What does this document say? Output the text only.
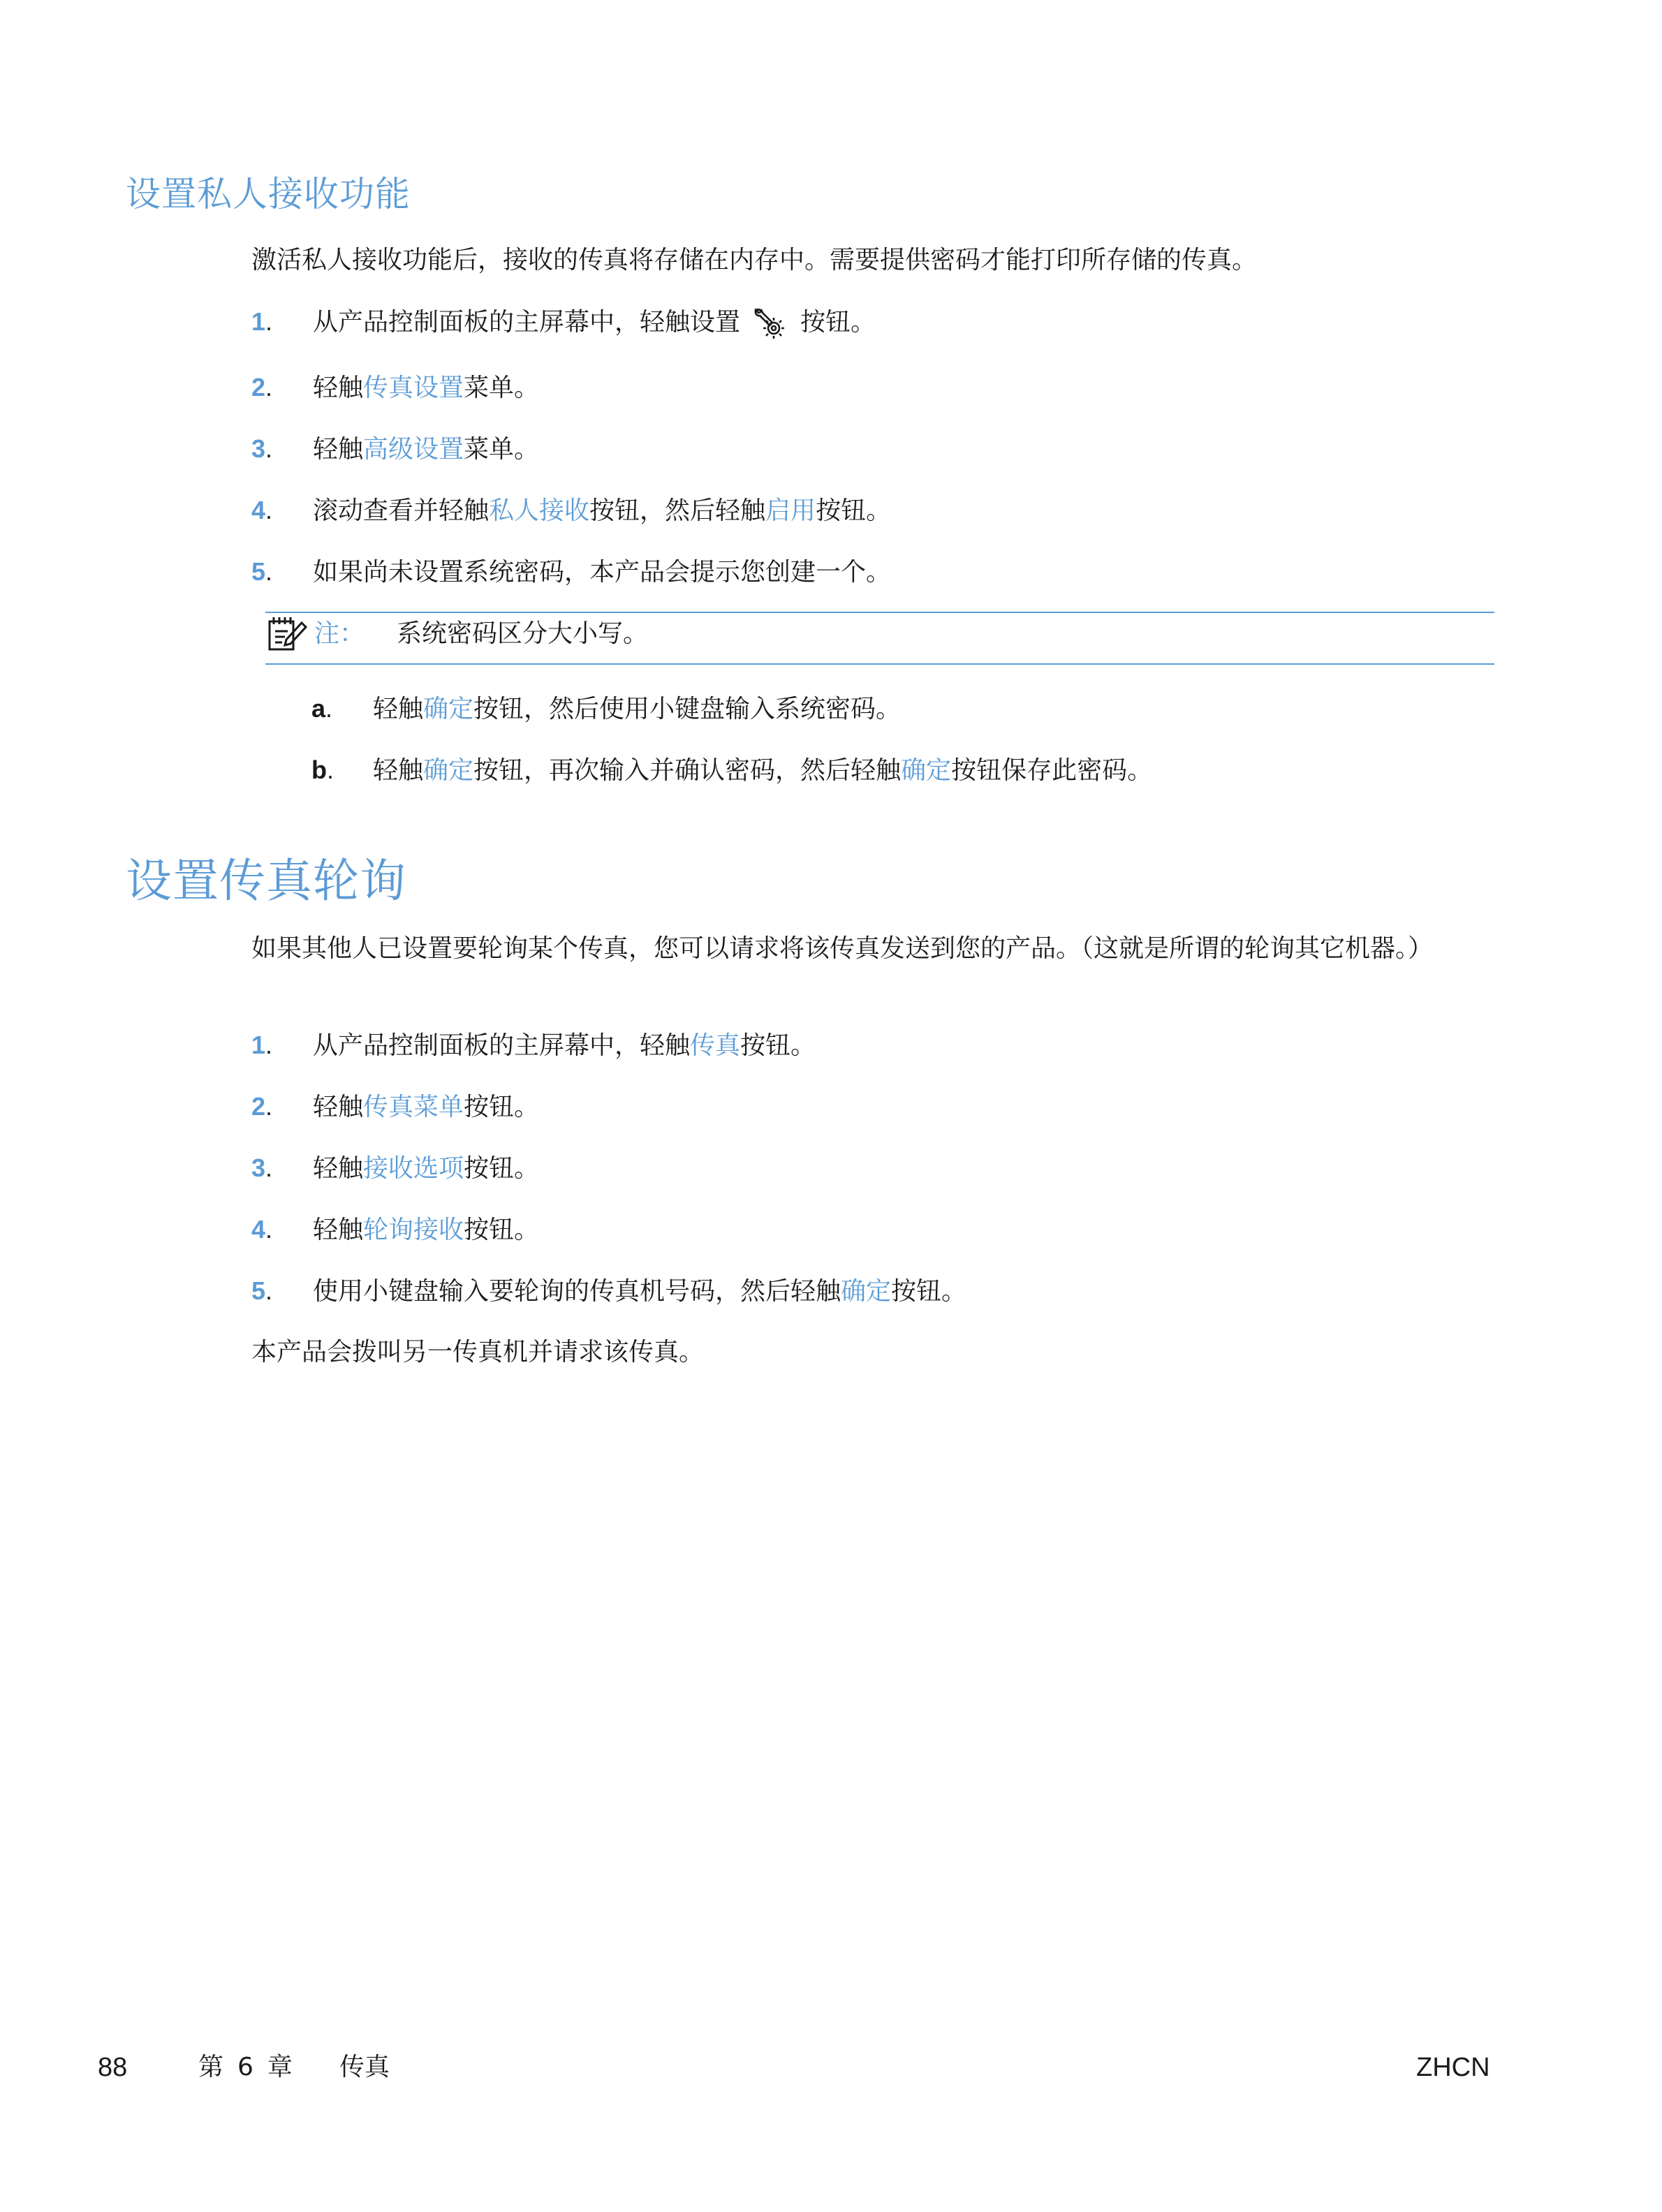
设置私人接收功能

激活私人接收功能后，接收的传真将存储在内存中。需要提供密码才能打印所存储的传真。

1. 从产品控制面板的主屏幕中，轻触设置 按钮。
2. 轻触传真设置菜单。
3. 轻触高级设置菜单。
4. 滚动查看并轻触私人接收按钮，然后轻触启用按钮。
5. 如果尚未设置系统密码，本产品会提示您创建一个。
注：	系统密码区分大小写。
a. 轻触确定按钮，然后使用小键盘输入系统密码。
b. 轻触确定按钮，再次输入并确认密码，然后轻触确定按钮保存此密码。
设置传真轮询

如果其他人已设置要轮询某个传真，您可以请求将该传真发送到您的产品。（这就是所谓的轮询其它机器。）

1. 从产品控制面板的主屏幕中，轻触传真按钮。
2. 轻触传真菜单按钮。
3. 轻触接收选项按钮。
4. 轻触轮询接收按钮。
5. 使用小键盘输入要轮询的传真机号码，然后轻触确定按钮。

本产品会拨叫另一传真机并请求该传真。

88	第 6 章	传真	ZHCN
